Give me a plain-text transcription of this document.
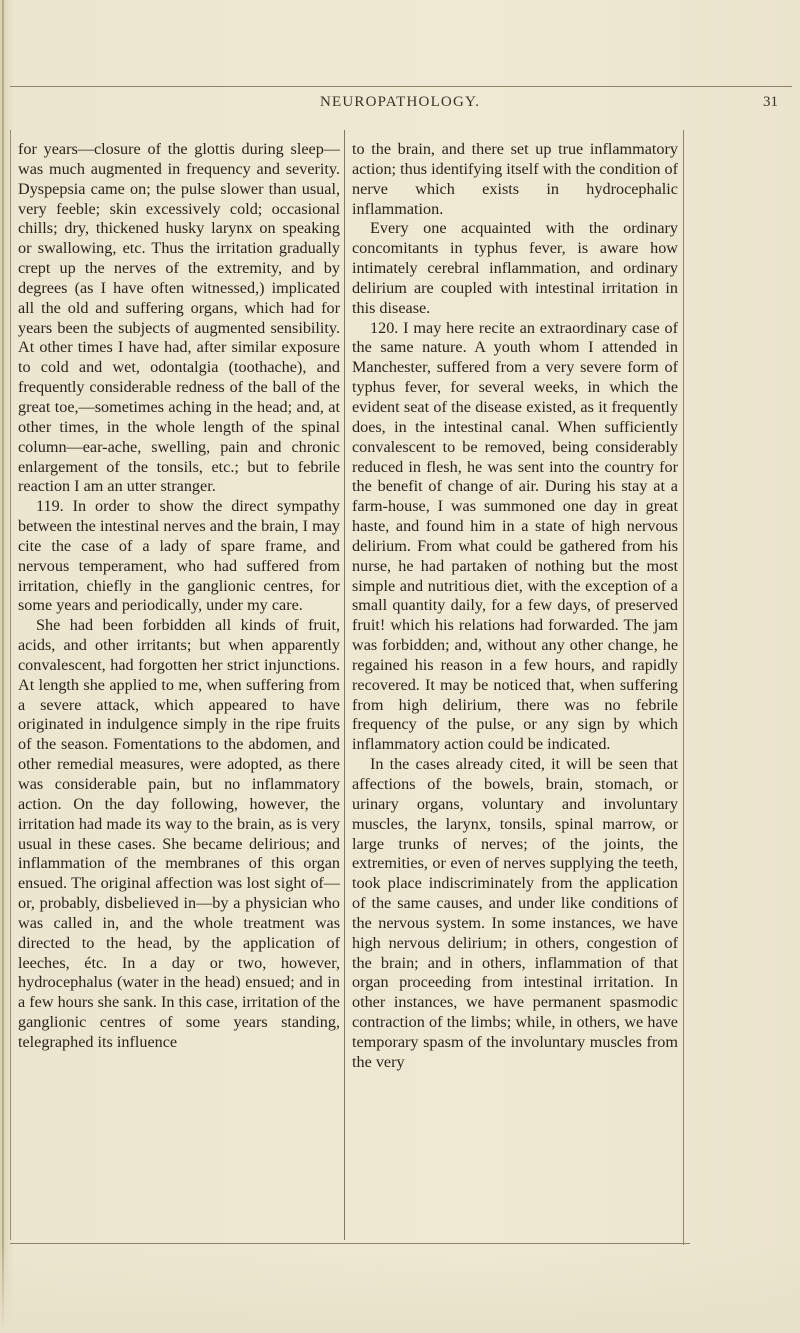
NEUROPATHOLOGY.	31

for years—closure of the glottis during sleep—was much augmented in frequency and severity. Dyspepsia came on; the pulse slower than usual, very feeble; skin excessively cold; occasional chills; dry, thickened husky larynx on speaking or swallowing, etc. Thus the irritation gradually crept up the nerves of the extremity, and by degrees (as I have often witnessed,) implicated all the old and suffering organs, which had for years been the subjects of augmented sensibility. At other times I have had, after similar exposure to cold and wet, odontalgia (toothache), and frequently considerable redness of the ball of the great toe,—sometimes aching in the head; and, at other times, in the whole length of the spinal column—ear-ache, swelling, pain and chronic enlargement of the tonsils, etc.; but to febrile reaction I am an utter stranger.

119. In order to show the direct sympathy between the intestinal nerves and the brain, I may cite the case of a lady of spare frame, and nervous temperament, who had suffered from irritation, chiefly in the ganglionic centres, for some years and periodically, under my care.

She had been forbidden all kinds of fruit, acids, and other irritants; but when apparently convalescent, had forgotten her strict injunctions. At length she applied to me, when suffering from a severe attack, which appeared to have originated in indulgence simply in the ripe fruits of the season. Fomentations to the abdomen, and other remedial measures, were adopted, as there was considerable pain, but no inflammatory action. On the day following, however, the irritation had made its way to the brain, as is very usual in these cases. She became delirious; and inflammation of the membranes of this organ ensued. The original affection was lost sight of— or, probably, disbelieved in—by a physician who was called in, and the whole treatment was directed to the head, by the application of leeches, étc. In a day or two, however, hydrocephalus (water in the head) ensued; and in a few hours she sank. In this case, irritation of the ganglionic centres of some years standing, telegraphed its influence

to the brain, and there set up true inflammatory action; thus identifying itself with the condition of nerve which exists in hydrocephalic inflammation.

Every one acquainted with the ordinary concomitants in typhus fever, is aware how intimately cerebral inflammation, and ordinary delirium are coupled with intestinal irritation in this disease.

120. I may here recite an extraordinary case of the same nature. A youth whom I attended in Manchester, suffered from a very severe form of typhus fever, for several weeks, in which the evident seat of the disease existed, as it frequently does, in the intestinal canal. When sufficiently convalescent to be removed, being considerably reduced in flesh, he was sent into the country for the benefit of change of air. During his stay at a farm-house, I was summoned one day in great haste, and found him in a state of high nervous delirium. From what could be gathered from his nurse, he had partaken of nothing but the most simple and nutritious diet, with the exception of a small quantity daily, for a few days, of preserved fruit! which his relations had forwarded. The jam was forbidden; and, without any other change, he regained his reason in a few hours, and rapidly recovered. It may be noticed that, when suffering from high delirium, there was no febrile frequency of the pulse, or any sign by which inflammatory action could be indicated.

In the cases already cited, it will be seen that affections of the bowels, brain, stomach, or urinary organs, voluntary and involuntary muscles, the larynx, tonsils, spinal marrow, or large trunks of nerves; of the joints, the extremities, or even of nerves supplying the teeth, took place indiscriminately from the application of the same causes, and under like conditions of the nervous system. In some instances, we have high nervous delirium; in others, congestion of the brain; and in others, inflammation of that organ proceeding from intestinal irritation. In other instances, we have permanent spasmodic contraction of the limbs; while, in others, we have temporary spasm of the involuntary muscles from the very
